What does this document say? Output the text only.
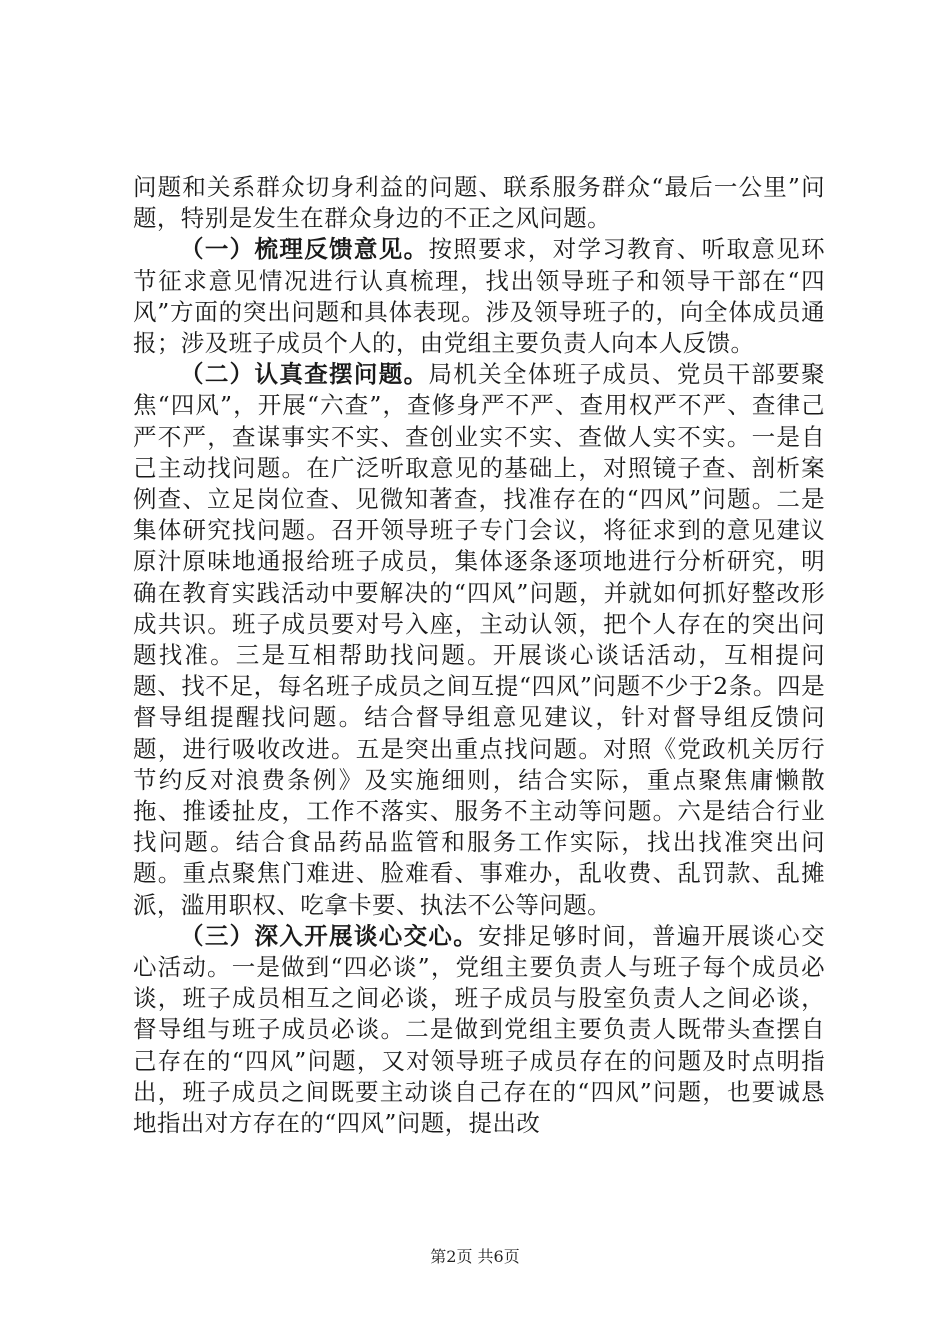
问题和关系群众切身利益的问题、联系服务群众“最后一公里”问题，特别是发生在群众身边的不正之风问题。

（一）梳理反馈意见。按照要求，对学习教育、听取意见环节征求意见情况进行认真梳理，找出领导班子和领导干部在“四风”方面的突出问题和具体表现。涉及领导班子的，向全体成员通报；涉及班子成员个人的，由党组主要负责人向本人反馈。

（二）认真查摆问题。局机关全体班子成员、党员干部要聚焦“四风”，开展“六查”，查修身严不严、查用权严不严、查律己严不严，查谋事实不实、查创业实不实、查做人实不实。一是自己主动找问题。在广泛听取意见的基础上，对照镜子查、剖析案例查、立足岗位查、见微知著查，找准存在的“四风”问题。二是集体研究找问题。召开领导班子专门会议，将征求到的意见建议原汁原味地通报给班子成员，集体逐条逐项地进行分析研究，明确在教育实践活动中要解决的“四风”问题，并就如何抓好整改形成共识。班子成员要对号入座，主动认领，把个人存在的突出问题找准。三是互相帮助找问题。开展谈心谈话活动，互相提问题、找不足，每名班子成员之间互提“四风”问题不少于2条。四是督导组提醒找问题。结合督导组意见建议，针对督导组反馈问题，进行吸收改进。五是突出重点找问题。对照《党政机关厉行节约反对浪费条例》及实施细则，结合实际，重点聚焦庸懒散拖、推诿扯皮，工作不落实、服务不主动等问题。六是结合行业找问题。结合食品药品监管和服务工作实际，找出找准突出问题。重点聚焦门难进、脸难看、事难办，乱收费、乱罚款、乱摊派，滥用职权、吃拿卡要、执法不公等问题。

（三）深入开展谈心交心。安排足够时间，普遍开展谈心交心活动。一是做到“四必谈”，党组主要负责人与班子每个成员必谈，班子成员相互之间必谈，班子成员与股室负责人之间必谈，督导组与班子成员必谈。二是做到党组主要负责人既带头查摆自己存在的“四风”问题，又对领导班子成员存在的问题及时点明指出，班子成员之间既要主动谈自己存在的“四风”问题，也要诚恳地指出对方存在的“四风”问题，提出改

第2页 共6页
